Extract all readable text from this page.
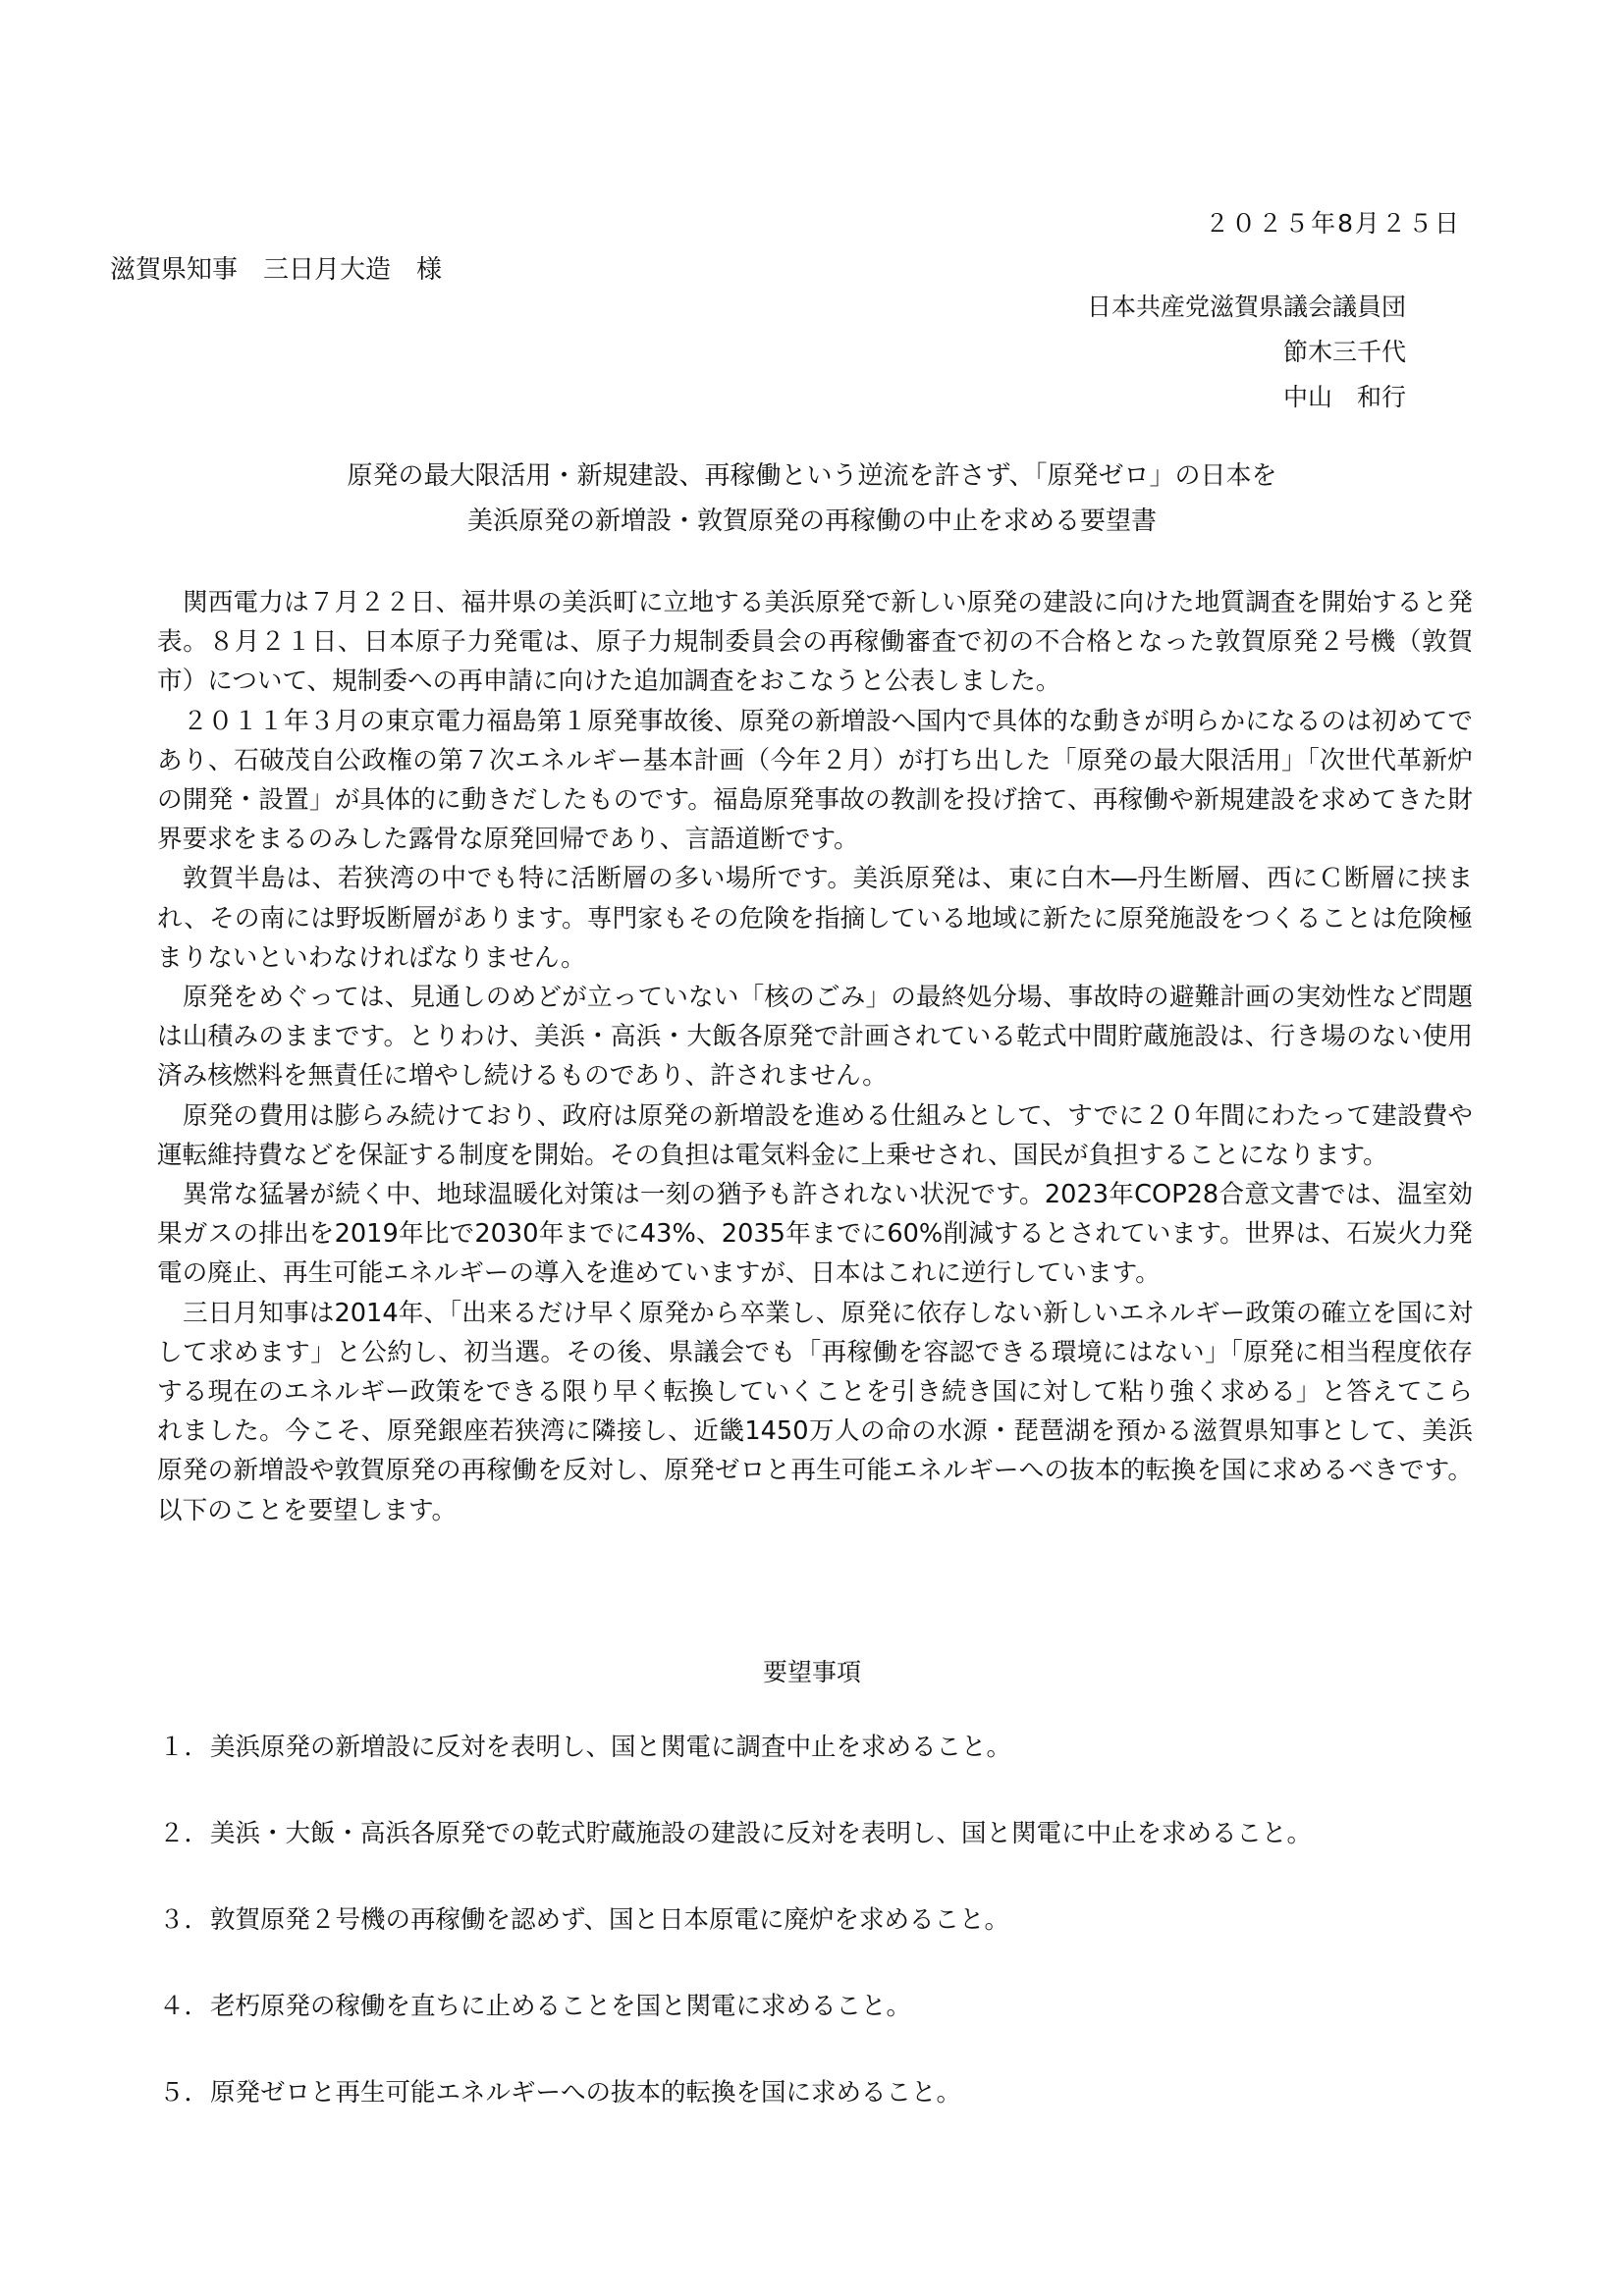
２０２５年8月２５日
滋賀県知事　三日月大造　様
日本共産党滋賀県議会議員団
節木三千代
中山　和行
原発の最大限活用・新規建設、再稼働という逆流を許さず、「原発ゼロ」の日本を
美浜原発の新増設・敦賀原発の再稼働の中止を求める要望書

関西電力は７月２２日、福井県の美浜町に立地する美浜原発で新しい原発の建設に向けた地質調査を開始すると発表。８月２１日、日本原子力発電は、原子力規制委員会の再稼働審査で初の不合格となった敦賀原発２号機（敦賀市）について、規制委への再申請に向けた追加調査をおこなうと公表しました。

２０１１年３月の東京電力福島第１原発事故後、原発の新増設へ国内で具体的な動きが明らかになるのは初めてであり、石破茂自公政権の第７次エネルギー基本計画（今年２月）が打ち出した「原発の最大限活用」「次世代革新炉の開発・設置」が具体的に動きだしたものです。福島原発事故の教訓を投げ捨て、再稼働や新規建設を求めてきた財界要求をまるのみした露骨な原発回帰であり、言語道断です。

敦賀半島は、若狭湾の中でも特に活断層の多い場所です。美浜原発は、東に白木―丹生断層、西にＣ断層に挟まれ、その南には野坂断層があります。専門家もその危険を指摘している地域に新たに原発施設をつくることは危険極まりないといわなければなりません。

原発をめぐっては、見通しのめどが立っていない「核のごみ」の最終処分場、事故時の避難計画の実効性など問題は山積みのままです。とりわけ、美浜・高浜・大飯各原発で計画されている乾式中間貯蔵施設は、行き場のない使用済み核燃料を無責任に増やし続けるものであり、許されません。

原発の費用は膨らみ続けており、政府は原発の新増設を進める仕組みとして、すでに２０年間にわたって建設費や運転維持費などを保証する制度を開始。その負担は電気料金に上乗せされ、国民が負担することになります。

異常な猛暑が続く中、地球温暖化対策は一刻の猶予も許されない状況です。2023年COP28合意文書では、温室効果ガスの排出を2019年比で2030年までに43%、2035年までに60%削減するとされています。世界は、石炭火力発電の廃止、再生可能エネルギーの導入を進めていますが、日本はこれに逆行しています。

三日月知事は2014年、「出来るだけ早く原発から卒業し、原発に依存しない新しいエネルギー政策の確立を国に対して求めます」と公約し、初当選。その後、県議会でも「再稼働を容認できる環境にはない」「原発に相当程度依存する現在のエネルギー政策をできる限り早く転換していくことを引き続き国に対して粘り強く求める」と答えてこられました。今こそ、原発銀座若狭湾に隣接し、近畿1450万人の命の水源・琵琶湖を預かる滋賀県知事として、美浜原発の新増設や敦賀原発の再稼働を反対し、原発ゼロと再生可能エネルギーへの抜本的転換を国に求めるべきです。以下のことを要望します。

要望事項
１． 美浜原発の新増設に反対を表明し、国と関電に調査中止を求めること。
２． 美浜・大飯・高浜各原発での乾式貯蔵施設の建設に反対を表明し、国と関電に中止を求めること。
３． 敦賀原発２号機の再稼働を認めず、国と日本原電に廃炉を求めること。
４． 老朽原発の稼働を直ちに止めることを国と関電に求めること。
５． 原発ゼロと再生可能エネルギーへの抜本的転換を国に求めること。
